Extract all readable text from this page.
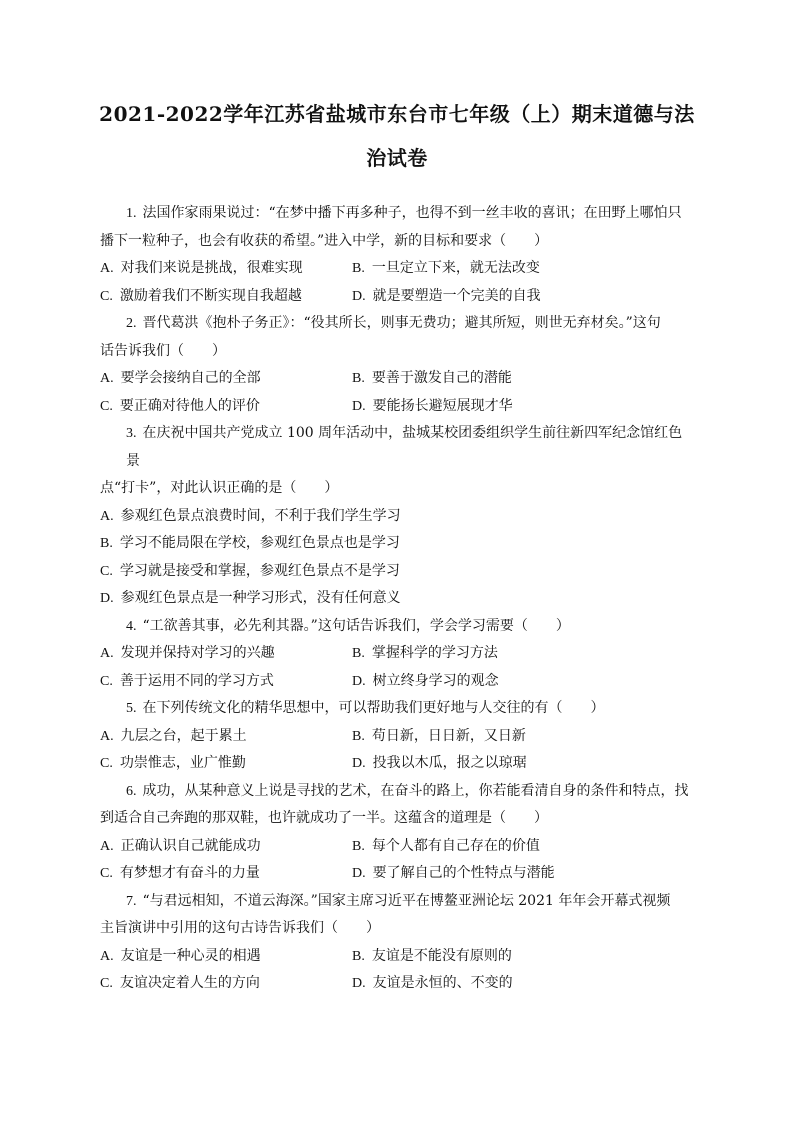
2021-2022学年江苏省盐城市东台市七年级（上）期末道德与法
治试卷
1. 法国作家雨果说过：“在梦中播下再多种子，也得不到一丝丰收的喜讯；在田野上哪怕只
播下一粒种子，也会有收获的希望。”进入中学，新的目标和要求（　　）
A. 对我们来说是挑战，很难实现	B. 一旦定立下来，就无法改变
C. 激励着我们不断实现自我超越	D. 就是要塑造一个完美的自我
2. 晋代葛洪《抱朴子务正》：“役其所长，则事无费功；避其所短，则世无弃材矣。”这句
话告诉我们（　　）
A. 要学会接纳自己的全部	B. 要善于激发自己的潜能
C. 要正确对待他人的评价	D. 要能扬长避短展现才华
3. 在庆祝中国共产党成立 100 周年活动中，盐城某校团委组织学生前往新四军纪念馆红色景
点“打卡”，对此认识正确的是（　　）
A. 参观红色景点浪费时间，不利于我们学生学习
B. 学习不能局限在学校，参观红色景点也是学习
C. 学习就是接受和掌握，参观红色景点不是学习
D. 参观红色景点是一种学习形式，没有任何意义
4. “工欲善其事，必先利其器。”这句话告诉我们，学会学习需要（　　）
A. 发现并保持对学习的兴趣	B. 掌握科学的学习方法
C. 善于运用不同的学习方式	D. 树立终身学习的观念
5. 在下列传统文化的精华思想中，可以帮助我们更好地与人交往的有（　　）
A. 九层之台，起于累土	B. 苟日新，日日新，又日新
C. 功崇惟志，业广惟勤	D. 投我以木瓜，报之以琼琚
6. 成功，从某种意义上说是寻找的艺术，在奋斗的路上，你若能看清自身的条件和特点，找
到适合自己奔跑的那双鞋，也许就成功了一半。这蕴含的道理是（　　）
A. 正确认识自己就能成功	B. 每个人都有自己存在的价值
C. 有梦想才有奋斗的力量	D. 要了解自己的个性特点与潜能
7. “与君远相知，不道云海深。”国家主席习近平在博鳌亚洲论坛 2021 年年会开幕式视频
主旨演讲中引用的这句古诗告诉我们（　　）
A. 友谊是一种心灵的相遇	B. 友谊是不能没有原则的
C. 友谊决定着人生的方向	D. 友谊是永恒的、不变的
